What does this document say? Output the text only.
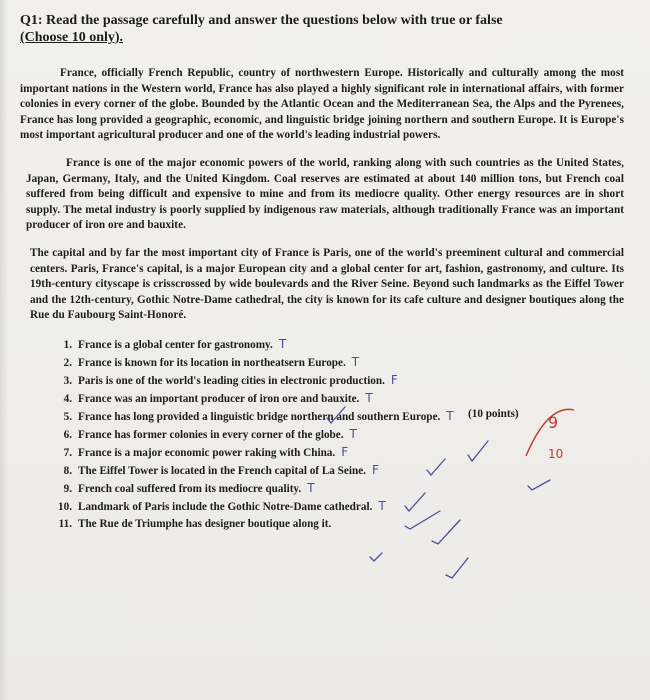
Q1: Read the passage carefully and answer the questions below with true or false
(Choose 10 only).

France, officially French Republic, country of northwestern Europe. Historically and culturally among the most important nations in the Western world, France has also played a highly significant role in international affairs, with former colonies in every corner of the globe. Bounded by the Atlantic Ocean and the Mediterranean Sea, the Alps and the Pyrenees, France has long provided a geographic, economic, and linguistic bridge joining northern and southern Europe. It is Europe's most important agricultural producer and one of the world's leading industrial powers.

France is one of the major economic powers of the world, ranking along with such countries as the United States, Japan, Germany, Italy, and the United Kingdom. Coal reserves are estimated at about 140 million tons, but French coal suffered from being difficult and expensive to mine and from its mediocre quality. Other energy resources are in short supply. The metal industry is poorly supplied by indigenous raw materials, although traditionally France was an important producer of iron ore and bauxite.

The capital and by far the most important city of France is Paris, one of the world's preeminent cultural and commercial centers. Paris, France's capital, is a major European city and a global center for art, fashion, gastronomy, and culture. Its 19th-century cityscape is crisscrossed by wide boulevards and the River Seine. Beyond such landmarks as the Eiffel Tower and the 12th-century, Gothic Notre-Dame cathedral, the city is known for its cafe culture and designer boutiques along the Rue du Faubourg Saint-Honoré.

(10 points)
1. France is a global center for gastronomy. T
2. France is known for its location in northeatsern Europe. T
3. Paris is one of the world's leading cities in electronic production. F
4. France was an important producer of iron ore and bauxite. T
5. France has long provided a linguistic bridge northern and southern Europe. T
6. France has former colonies in every corner of the globe. T
7. France is a major economic power raking with China. F
8. The Eiffel Tower is located in the French capital of La Seine. F
9. French coal suffered from its mediocre quality. T
10. Landmark of Paris include the Gothic Notre-Dame cathedral. T
11. The Rue de Triumphe has designer boutique along it.
9
10
